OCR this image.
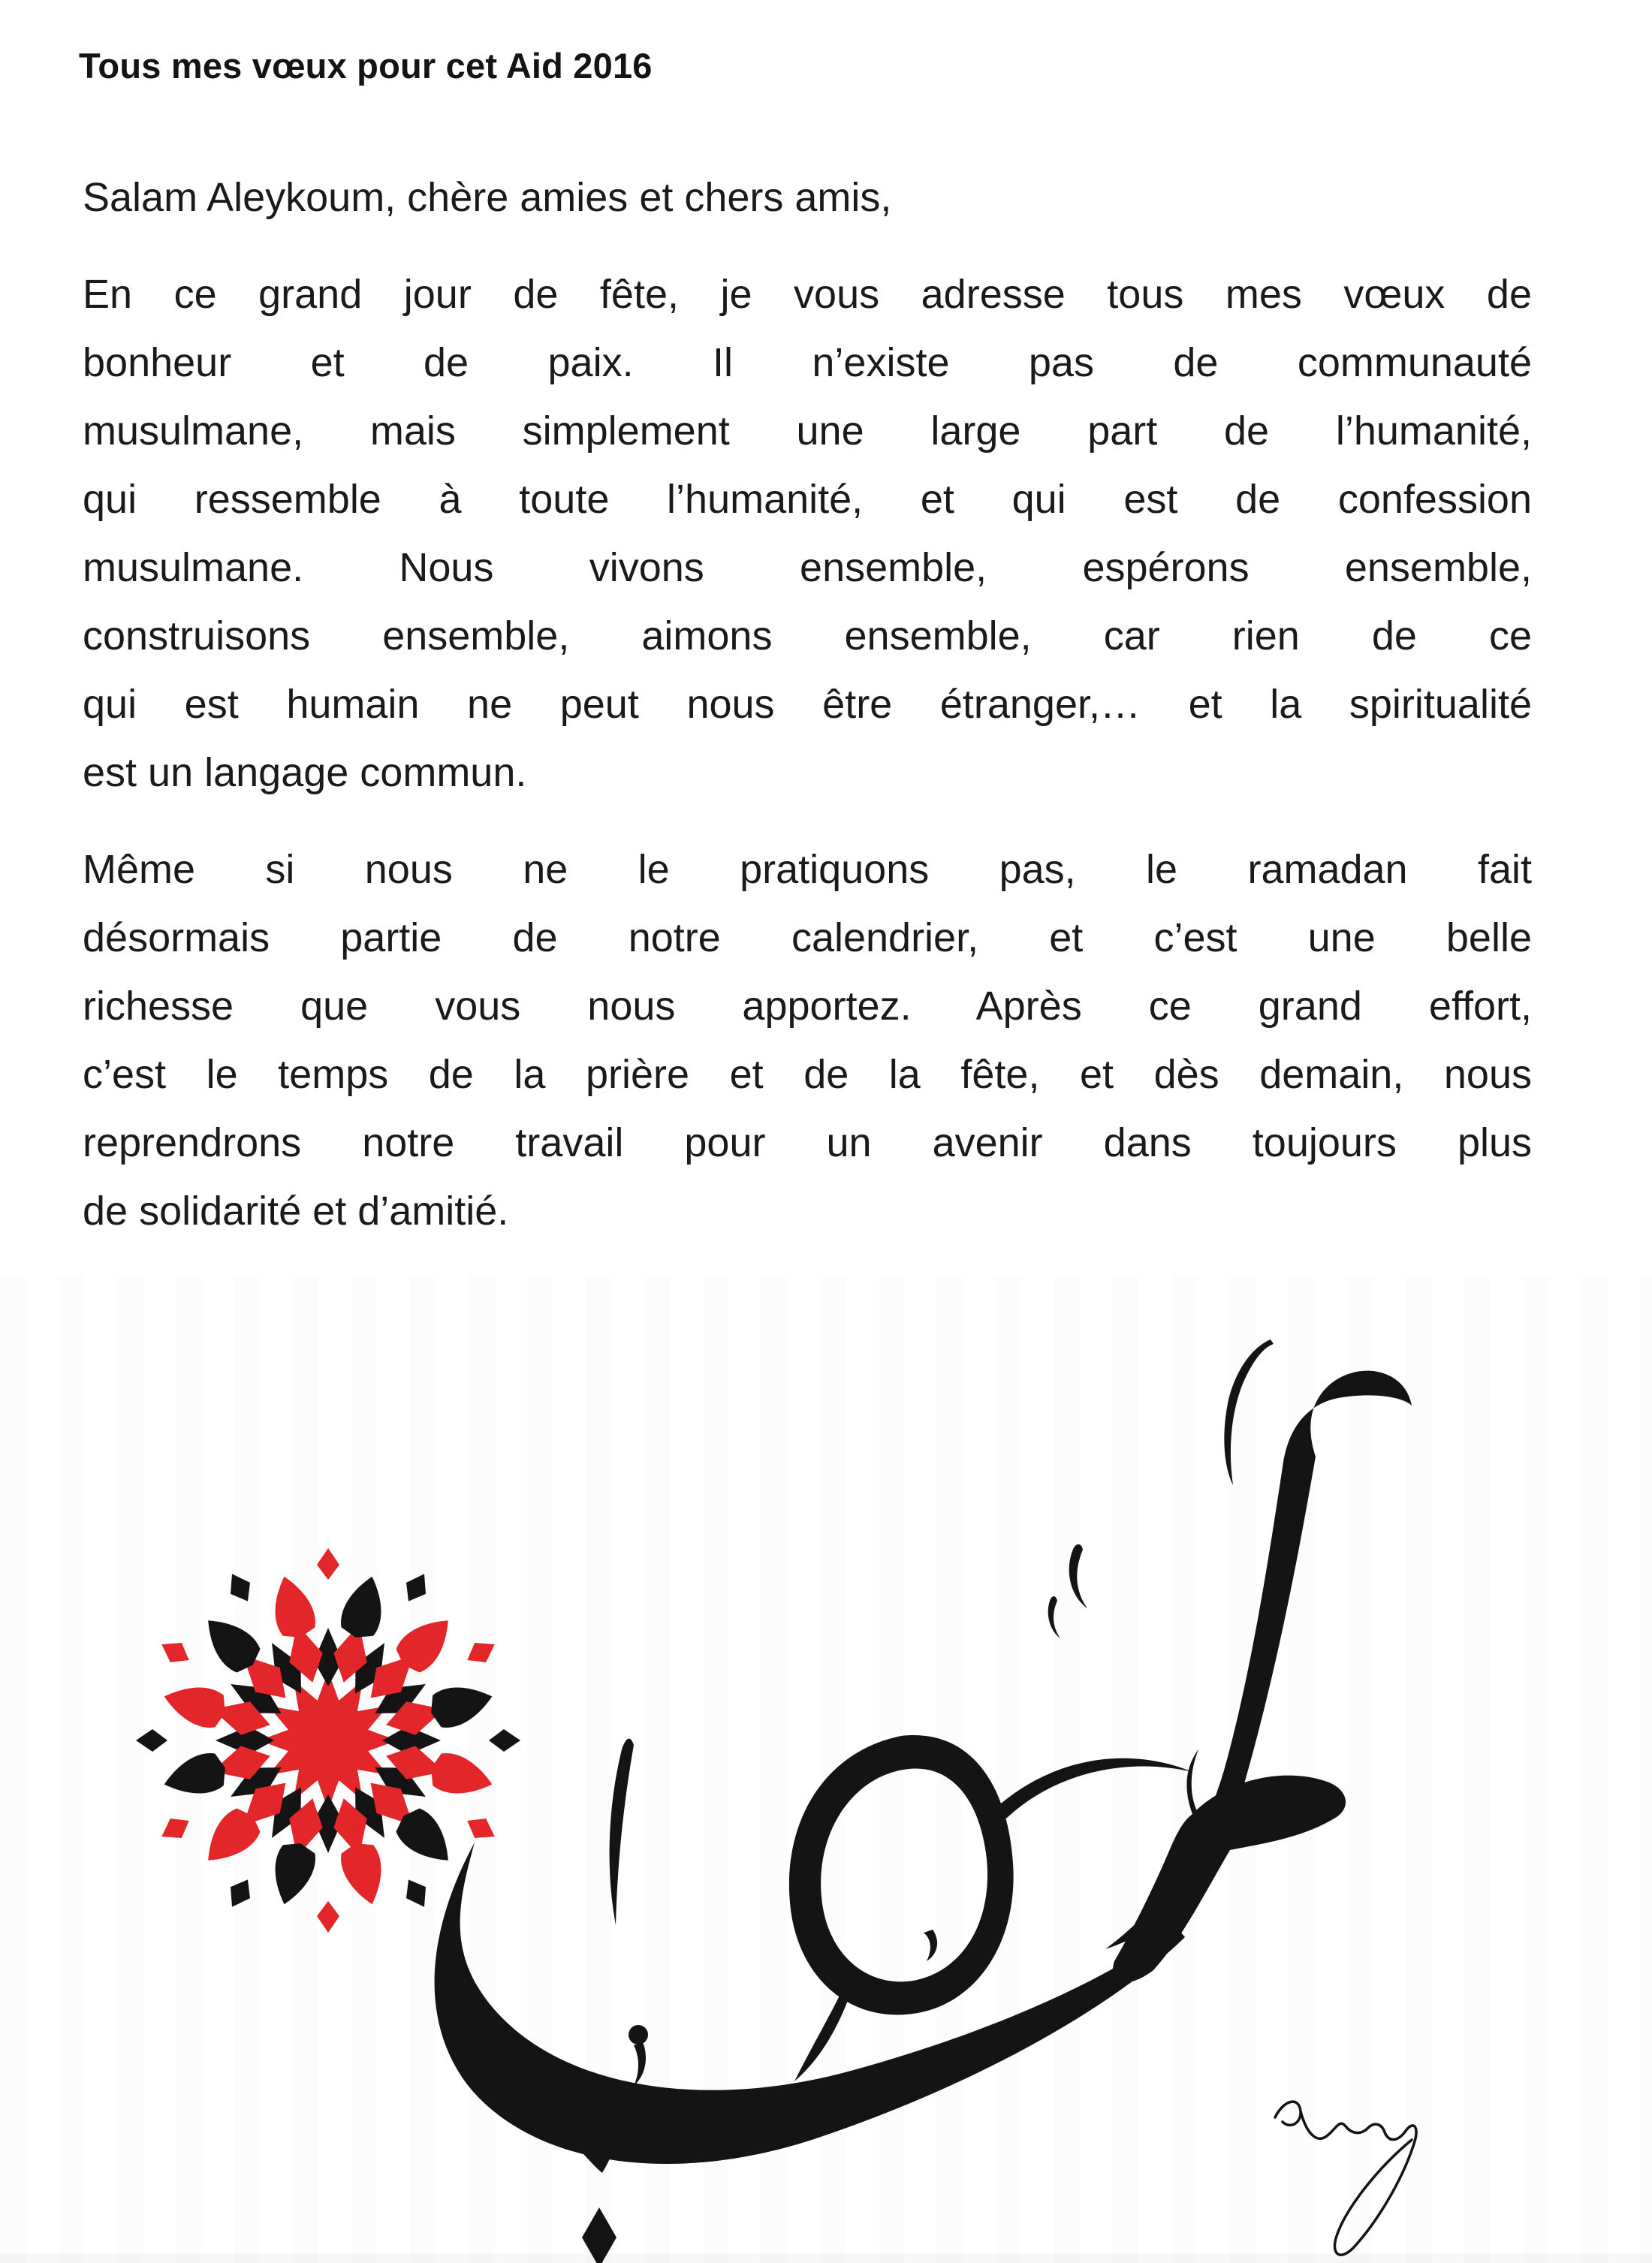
Tous mes vœux pour cet Aid 2016
Salam Aleykoum, chère amies et chers amis,
En ce grand jour de fête, je vous adresse tous mes vœux de
bonheur et de paix. Il n’existe pas de communauté
musulmane, mais simplement une large part de l’humanité,
qui ressemble à toute l’humanité, et qui est de confession
musulmane. Nous vivons ensemble, espérons ensemble,
construisons ensemble, aimons ensemble, car rien de ce
qui est humain ne peut nous être étranger,… et la spiritualité
est un langage commun.
Même si nous ne le pratiquons pas, le ramadan fait
désormais partie de notre calendrier, et c’est une belle
richesse que vous nous apportez. Après ce grand effort,
c’est le temps de la prière et de la fête, et dès demain, nous
reprendrons notre travail pour un avenir dans toujours plus
de solidarité et d’amitié.
